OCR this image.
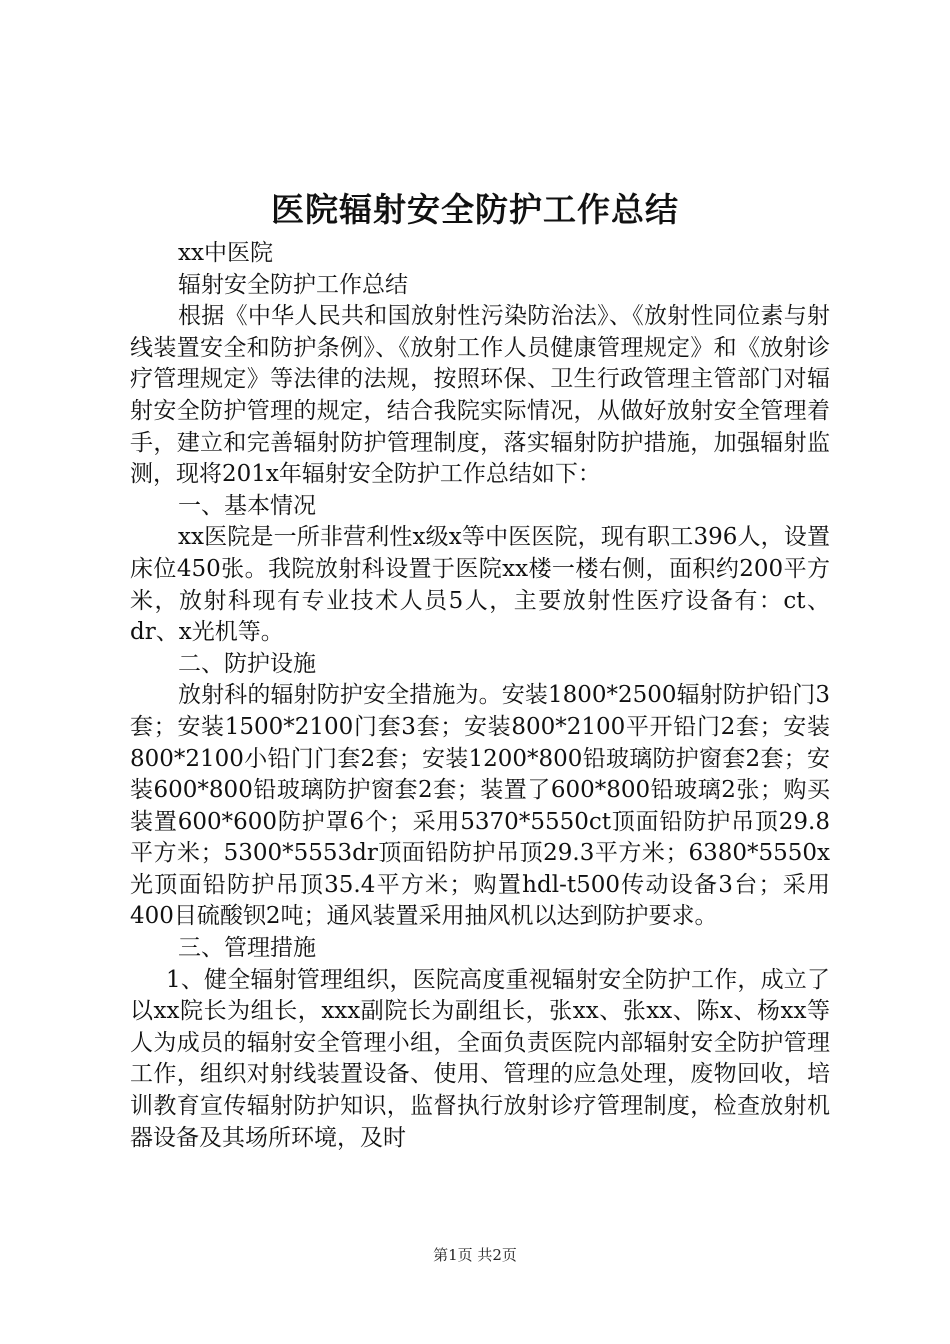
医院辐射安全防护工作总结

xx中医院

辐射安全防护工作总结

根据《中华人民共和国放射性污染防治法》、《放射性同位素与射线装置安全和防护条例》、《放射工作人员健康管理规定》和《放射诊疗管理规定》等法律的法规，按照环保、卫生行政管理主管部门对辐射安全防护管理的规定，结合我院实际情况，从做好放射安全管理着手，建立和完善辐射防护管理制度，落实辐射防护措施，加强辐射监测，现将201x年辐射安全防护工作总结如下：

一、基本情况

xx医院是一所非营利性x级x等中医医院，现有职工396人，设置床位450张。我院放射科设置于医院xx楼一楼右侧，面积约200平方米，放射科现有专业技术人员5人，主要放射性医疗设备有：ct、dr、x光机等。

二、防护设施

放射科的辐射防护安全措施为。安装1800*2500辐射防护铅门3套；安装1500*2100门套3套；安装800*2100平开铅门2套；安装800*2100小铅门门套2套；安装1200*800铅玻璃防护窗套2套；安装600*800铅玻璃防护窗套2套；装置了600*800铅玻璃2张；购买装置600*600防护罩6个；采用5370*5550ct顶面铅防护吊顶29.8平方米；5300*5553dr顶面铅防护吊顶29.3平方米；6380*5550x光顶面铅防护吊顶35.4平方米；购置hdl-t500传动设备3台；采用400目硫酸钡2吨；通风装置采用抽风机以达到防护要求。

三、管理措施

1、健全辐射管理组织，医院高度重视辐射安全防护工作，成立了以xx院长为组长，xxx副院长为副组长，张xx、张xx、陈x、杨xx等人为成员的辐射安全管理小组，全面负责医院内部辐射安全防护管理工作，组织对射线装置设备、使用、管理的应急处理，废物回收，培训教育宣传辐射防护知识，监督执行放射诊疗管理制度，检查放射机器设备及其场所环境，及时

第1页 共2页
